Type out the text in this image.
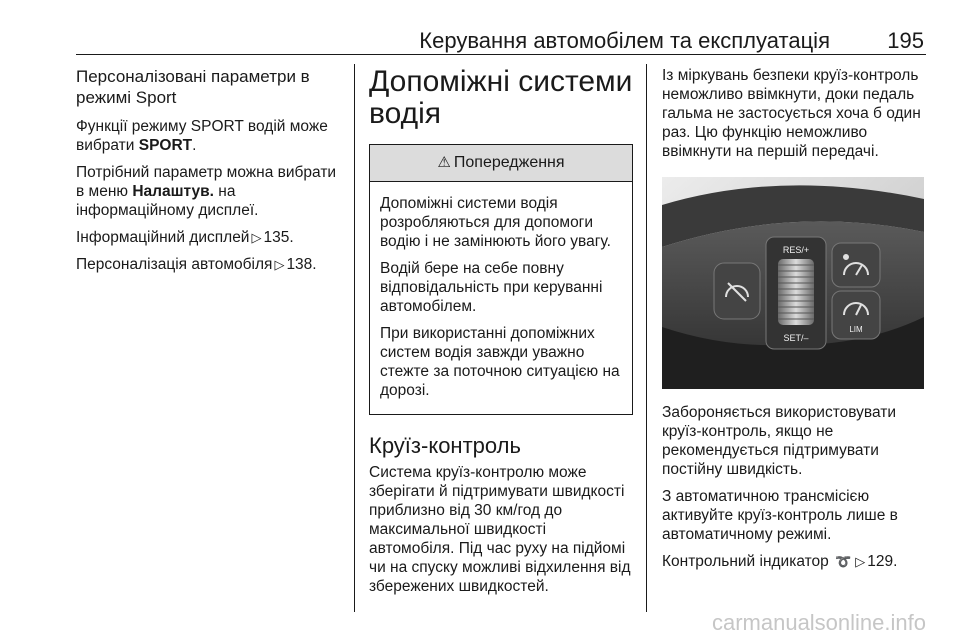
Керування автомобілем та експлуатація	195
Персоналізовані параметри в режимі Sport

Функції режиму SPORT водій може вибрати SPORT.

Потрібний параметр можна вибрати в меню Налаштув. на інформаційному дисплеї.

Інформаційний дисплей ▷ 135.

Персоналізація автомобіля ▷ 138.

Допоміжні системи водія
⚠ Попередження

Допоміжні системи водія розробляються для допомоги водію і не замінюють його увагу.

Водій бере на себе повну відповідальність при керуванні автомобілем.

При використанні допоміжних систем водія завжди уважно стежте за поточною ситуацією на дорозі.

Круїз-контроль

Система круїз-контролю може зберігати й підтримувати швидкості приблизно від 30 км/год до максимальної швидкості автомобіля. Під час руху на підйомі чи на спуску можливі відхилення від збережених швидкостей.

Із міркувань безпеки круїз-контроль неможливо ввімкнути, доки педаль гальма не застосується хоча б один раз. Цю функцію неможливо ввімкнути на першій передачі.

RES/+
SET/–
LIM

Забороняється використовувати круїз-контроль, якщо не рекомендується підтримувати постійну швидкість.

З автоматичною трансмісією активуйте круїз-контроль лише в автоматичному режимі.

Контрольний індикатор ➰ ▷ 129.

carmanualsonline.info
